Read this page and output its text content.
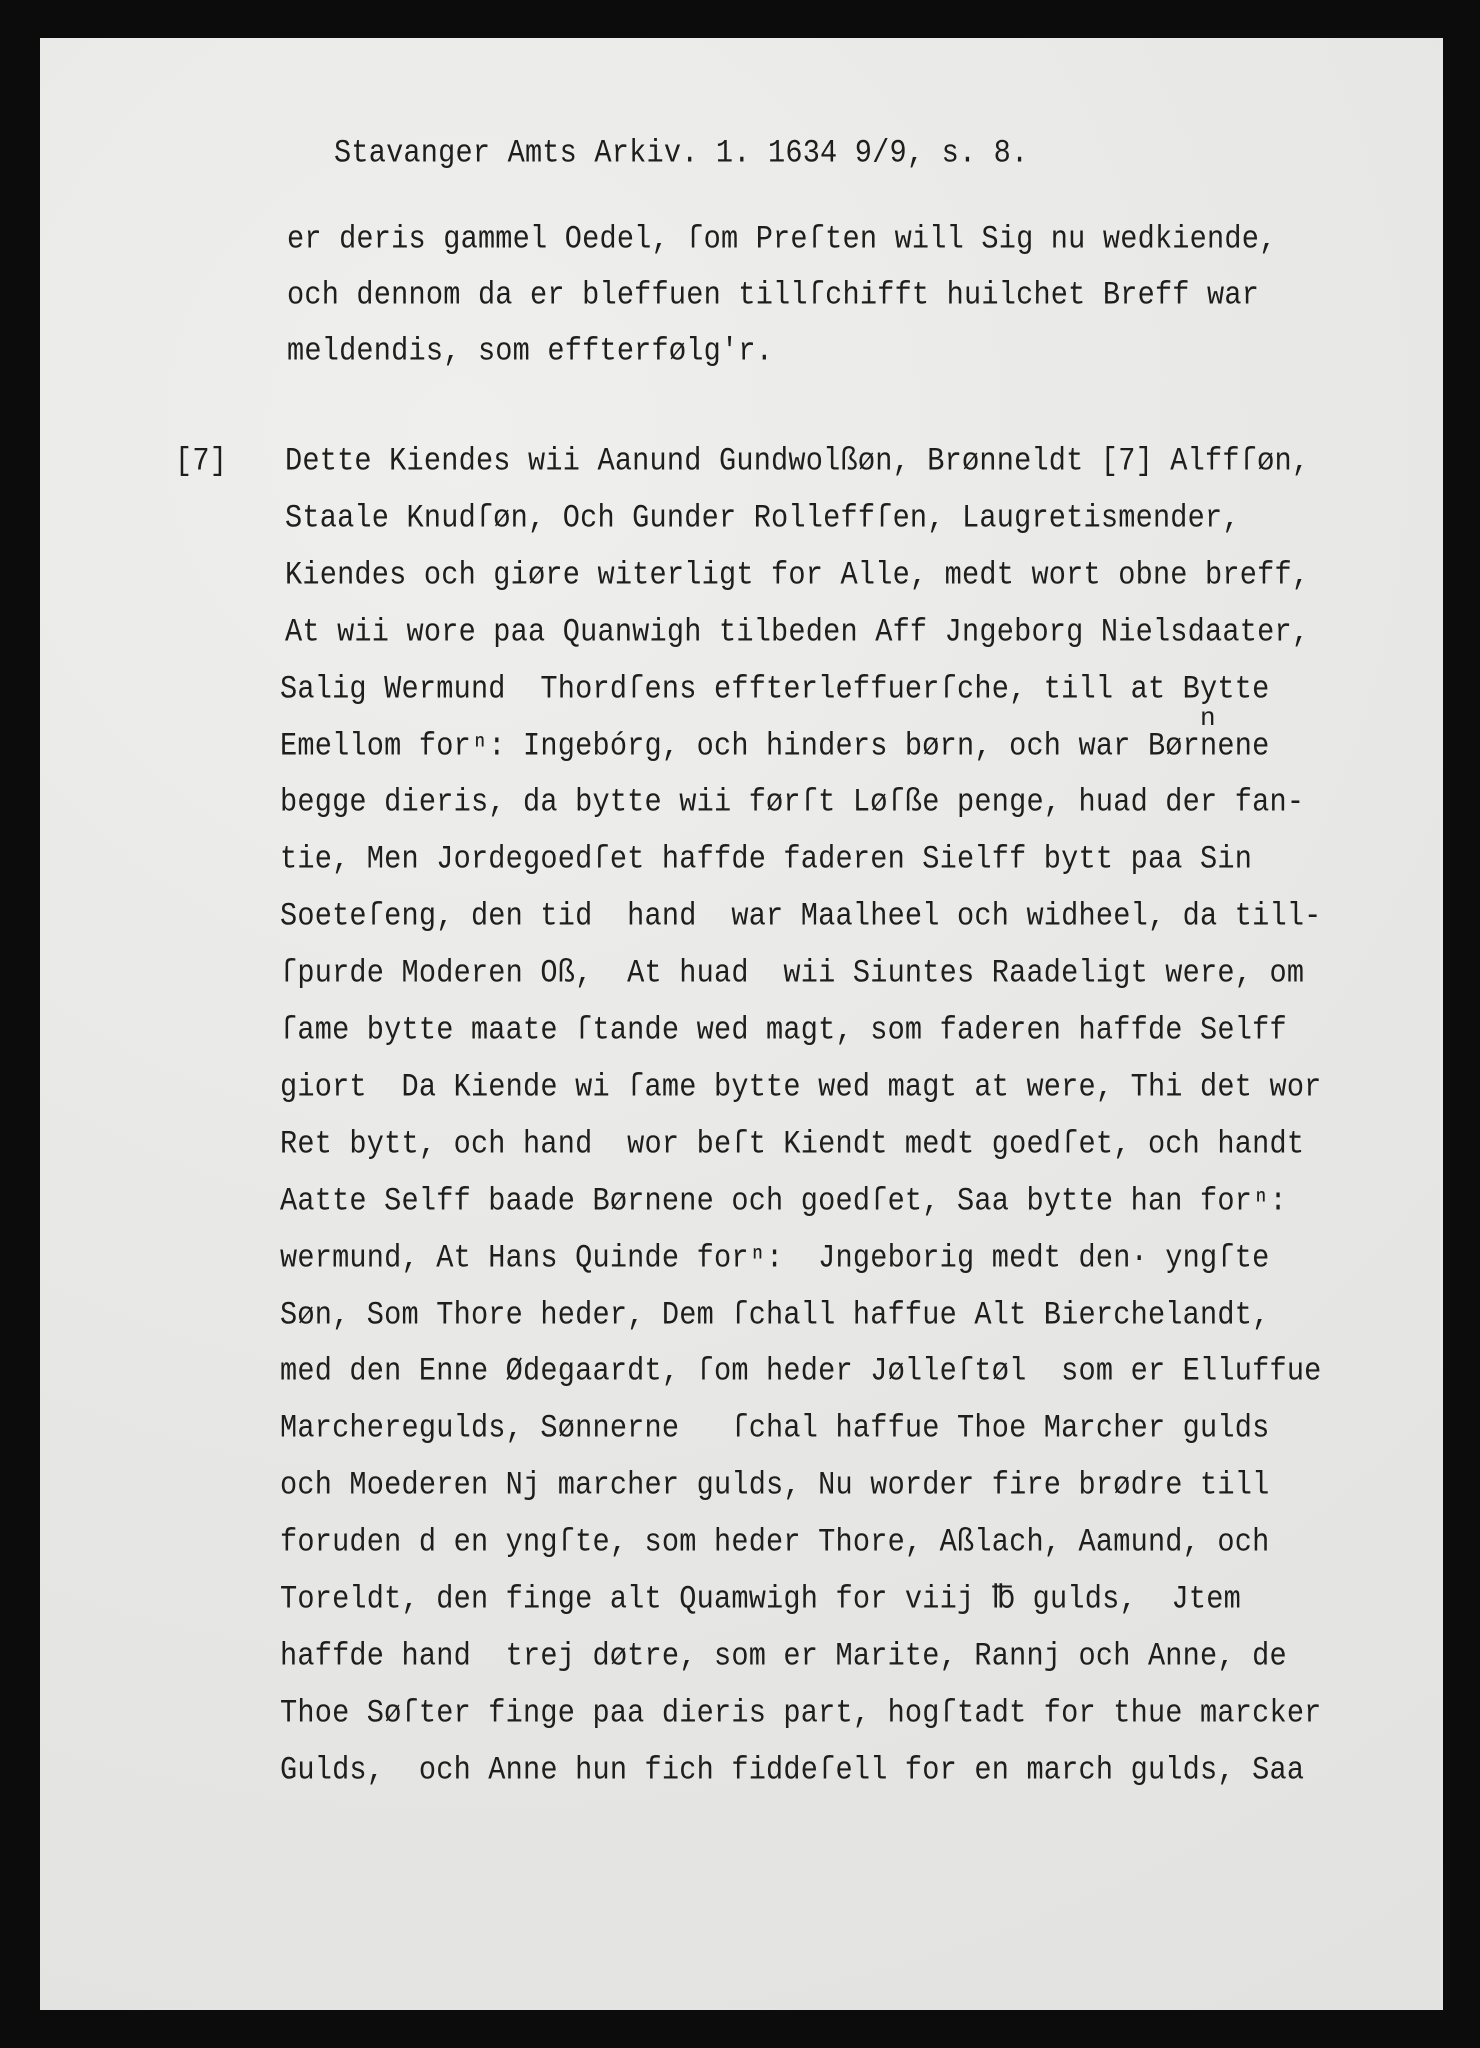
Stavanger Amts Arkiv. 1. 1634 9/9, s. 8.
[7]
n
er deris gammel Oedel, ſom Preſten will Sig nu wedkiende,
och dennom da er bleffuen tillſchifft huilchet Breff war
meldendis, som effterfølg'r.
Dette Kiendes wii Aanund Gundwolßøn, Brønneldt [7] Alffſøn,
Staale Knudſøn, Och Gunder Rolleffſen, Laugretismender,
Kiendes och giøre witerligt for Alle, medt wort obne breff,
At wii wore paa Quanwigh tilbeden Aff Jngeborg Nielsdaater,
Salig Wermund  Thordſens effterleffuerſche, till at Bytte
Emellom forⁿ: Ingebórg, och hinders børn, och war Børnene
begge dieris, da bytte wii førſt Løſße penge, huad der fan-
tie, Men Jordegoedſet haffde faderen Sielff bytt paa Sin
Soeteſeng, den tid  hand  war Maalheel och widheel, da till-
ſpurde Moderen Oß,  At huad  wii Siuntes Raadeligt were, om
ſame bytte maate ſtande wed magt, som faderen haffde Selff
giort  Da Kiende wi ſame bytte wed magt at were, Thi det wor
Ret bytt, och hand  wor beſt Kiendt medt goedſet, och handt
Aatte Selff baade Børnene och goedſet, Saa bytte han forⁿ:
wermund, At Hans Quinde forⁿ:  Jngeborig medt den· yngſte
Søn, Som Thore heder, Dem ſchall haffue Alt Bierchelandt,
med den Enne Ødegaardt, ſom heder Jølleſtøl  som er Elluffue
Marcheregulds, Sønnerne   ſchal haffue Thoe Marcher gulds
och Moederen Nj marcher gulds, Nu worder fire brødre till
foruden d en yngſte, som heder Thore, Aßlach, Aamund, och
Toreldt, den finge alt Quamwigh for viij ℔ gulds,  Jtem
haffde hand  trej døtre, som er Marite, Rannj och Anne, de
Thoe Søſter finge paa dieris part, hogſtadt for thue marcker
Gulds,  och Anne hun fich fiddeſell for en march gulds, Saa
